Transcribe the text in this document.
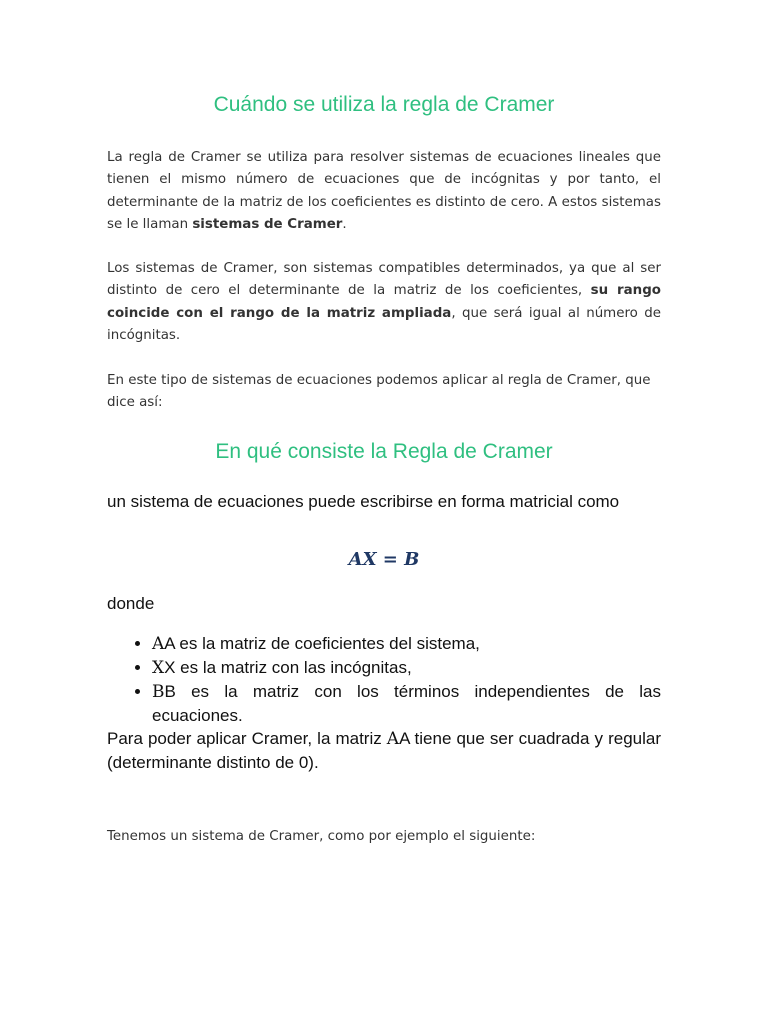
Cuándo se utiliza la regla de Cramer

La regla de Cramer se utiliza para resolver sistemas de ecuaciones lineales que tienen el mismo número de ecuaciones que de incógnitas y por tanto, el determinante de la matriz de los coeficientes es distinto de cero. A estos sistemas se le llaman sistemas de Cramer.

Los sistemas de Cramer, son sistemas compatibles determinados, ya que al ser distinto de cero el determinante de la matriz de los coeficientes, su rango coincide con el rango de la matriz ampliada, que será igual al número de incógnitas.

En este tipo de sistemas de ecuaciones podemos aplicar al regla de Cramer, que dice así:

En qué consiste la Regla de Cramer

un sistema de ecuaciones puede escribirse en forma matricial como

AX = B

donde

• AA es la matriz de coeficientes del sistema,
• XX es la matriz con las incógnitas,
• BB es la matriz con los términos independientes de las ecuaciones.

Para poder aplicar Cramer, la matriz AA tiene que ser cuadrada y regular (determinante distinto de 0).

Tenemos un sistema de Cramer, como por ejemplo el siguiente:
